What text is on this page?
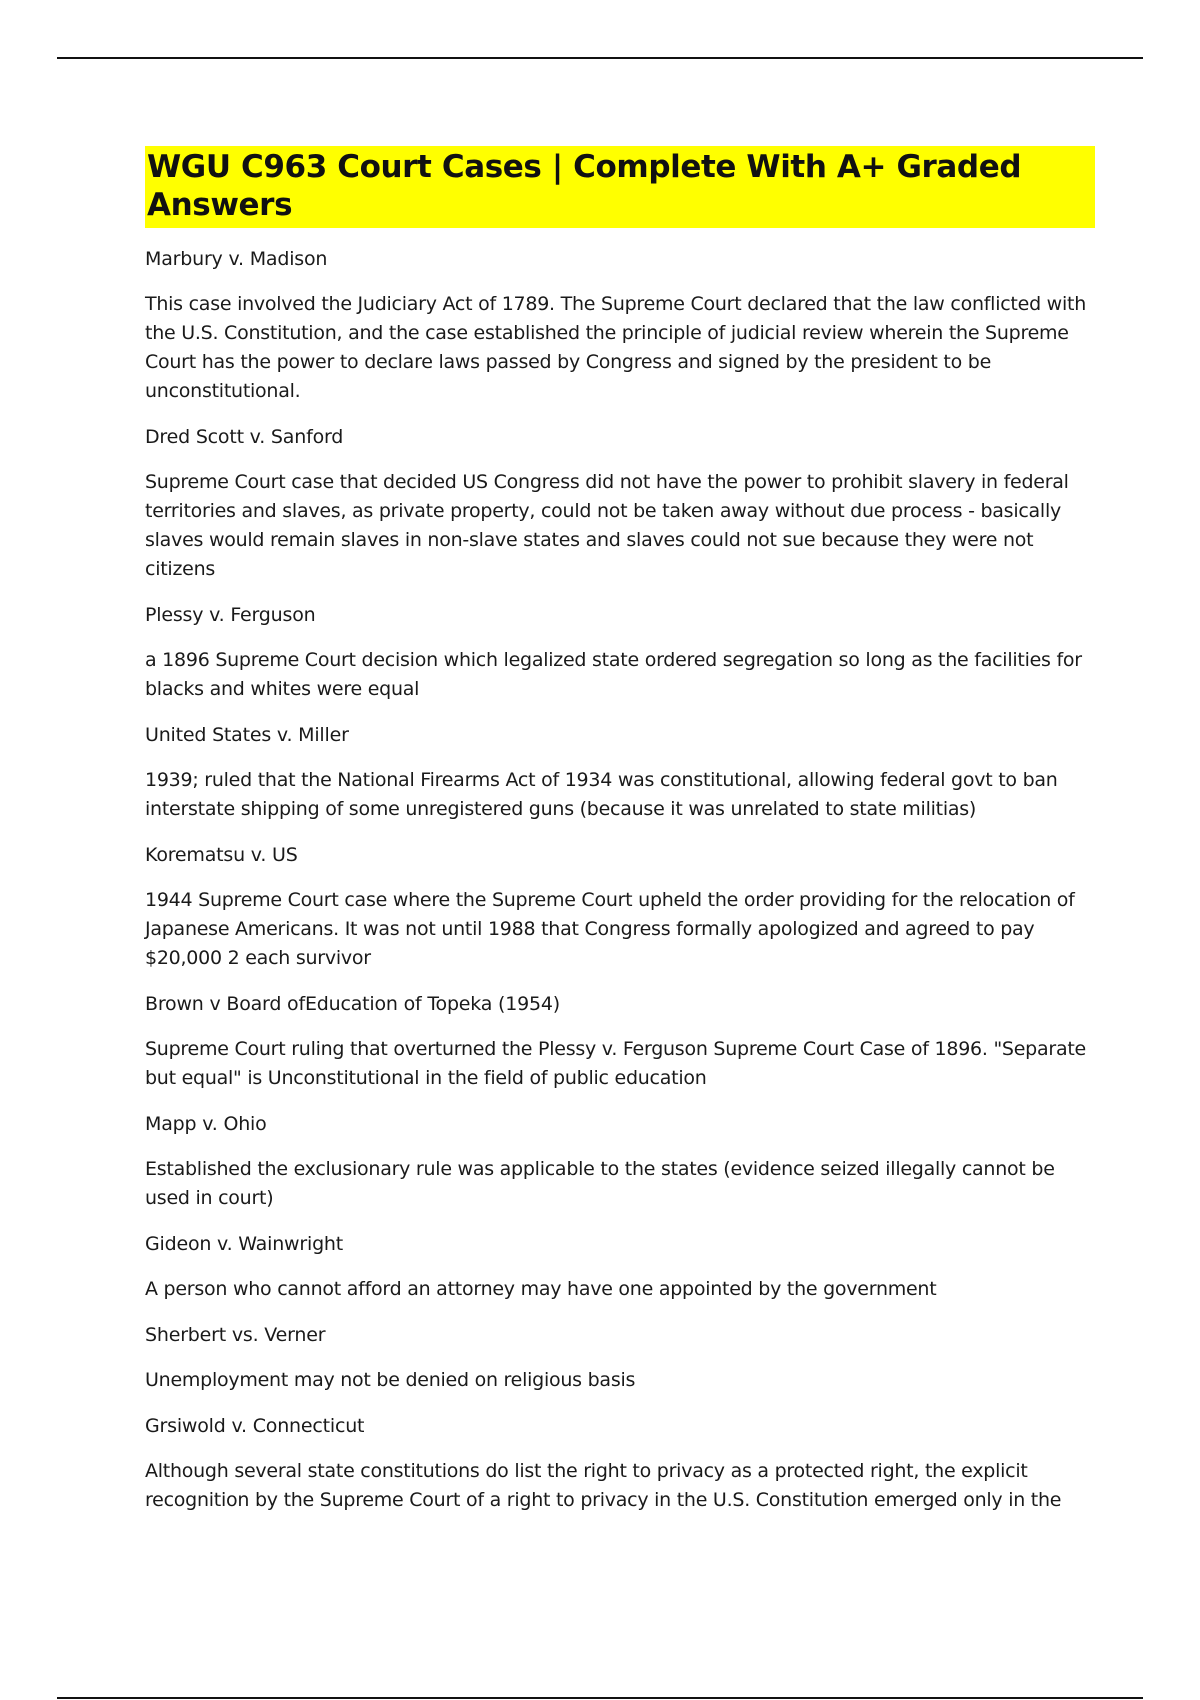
WGU C963 Court Cases | Complete With A+ Graded Answers

Marbury v. Madison

This case involved the Judiciary Act of 1789. The Supreme Court declared that the law conflicted with the U.S. Constitution, and the case established the principle of judicial review wherein the Supreme Court has the power to declare laws passed by Congress and signed by the president to be unconstitutional.

Dred Scott v. Sanford

Supreme Court case that decided US Congress did not have the power to prohibit slavery in federal territories and slaves, as private property, could not be taken away without due process - basically slaves would remain slaves in non-slave states and slaves could not sue because they were not citizens

Plessy v. Ferguson

a 1896 Supreme Court decision which legalized state ordered segregation so long as the facilities for blacks and whites were equal

United States v. Miller

1939; ruled that the National Firearms Act of 1934 was constitutional, allowing federal govt to ban interstate shipping of some unregistered guns (because it was unrelated to state militias)

Korematsu v. US

1944 Supreme Court case where the Supreme Court upheld the order providing for the relocation of Japanese Americans. It was not until 1988 that Congress formally apologized and agreed to pay $20,000 2 each survivor

Brown v Board ofEducation of Topeka (1954)

Supreme Court ruling that overturned the Plessy v. Ferguson Supreme Court Case of 1896. "Separate but equal" is Unconstitutional in the field of public education

Mapp v. Ohio

Established the exclusionary rule was applicable to the states (evidence seized illegally cannot be used in court)

Gideon v. Wainwright

A person who cannot afford an attorney may have one appointed by the government

Sherbert vs. Verner

Unemployment may not be denied on religious basis

Grsiwold v. Connecticut

Although several state constitutions do list the right to privacy as a protected right, the explicit recognition by the Supreme Court of a right to privacy in the U.S. Constitution emerged only in the
